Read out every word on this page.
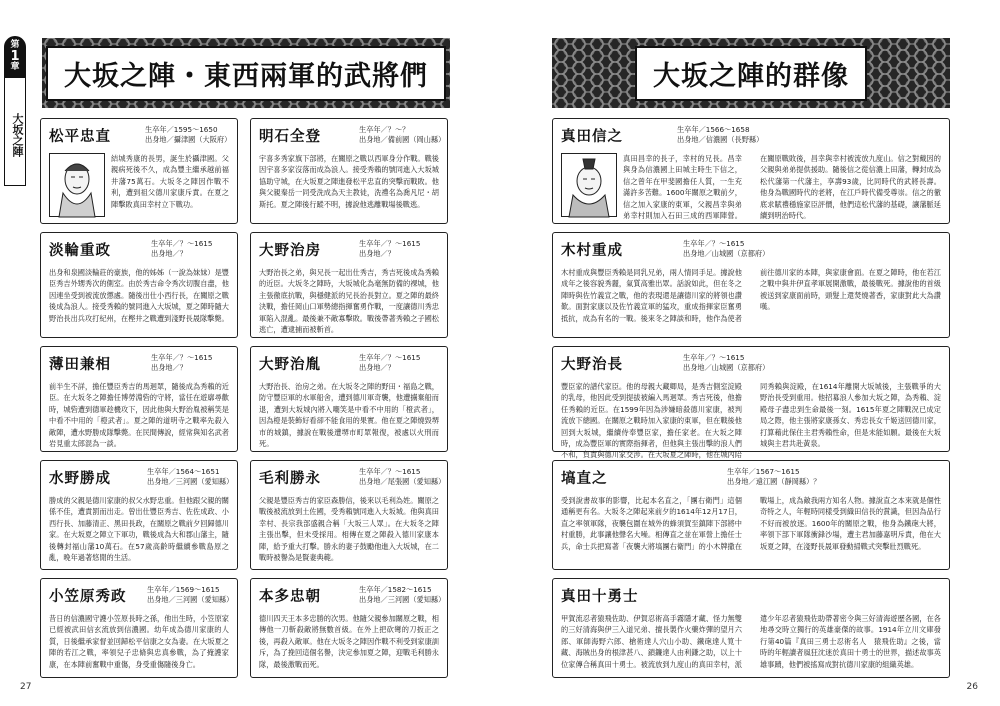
第
1
章
大坂之陣
大坂之陣・東西兩軍的武將們
松平忠直	生卒年／1595～1650
出身地／攝津國（大阪府）
結城秀康的長男，誕生於攝津國。父親病死後不久，成為豐主繼承越前福井藩75萬石。大坂冬之陣因作戰不利，遭到祖父德川家康斥責。在夏之陣擊敗真田幸村立下戰功。
明石全登	生卒年／？～？
出身地／備前國（岡山縣）
宇喜多秀家旗下部將，在關原之戰以西軍身分作戰。戰後因宇喜多家沒落而成為浪人。接受秀賴的號同進入大坂城協助守城，在大坂夏之陣進發松平忠直的突擊而戰敗。他與父親秦岳一同受洗成為天主教徒，洗禮名為喬凡尼・胡斯托。夏之陣後行蹤不明，據說他逃離戰場後戰逃。
淡輪重政	生卒年／？～1615
出身地／？
出身和泉國淡輪莊的豪族，他的姊姊（一說為妹妹）是豐臣秀吉外甥秀次的側室。由於秀吉命令秀次切腹自盡，他因連坐受到被流放懲處。隨後出仕小西行長，在關原之戰後成為浪人。接受秀賴的號同進入大坂城，夏之陣時隨大野治長出兵攻打紀州，在樫井之戰遭到淺野長晟隊擊斃。
大野治房	生卒年／？～1615
出身地／？
大野治長之弟，與兄長一起出仕秀吉，秀吉死後成為秀賴的近臣。大坂冬之陣時，大坂城化為毫無防備的裸城，他主張徹底抗戰，與穩健派的兄長治長對立。夏之陣的最終決戰，擔任岡山口軍勢總指揮奮勇作戰，一度讓德川秀忠軍陷入混亂。最後兼不敵寡擊敗。戰後帶著秀賴之子國松逃亡，遭逮捕而被斬首。
薄田兼相	生卒年／？～1615
出身地／？
前半生不詳，擔任豐臣秀吉的馬迴眾，隨後成為秀賴的近臣。在大坂冬之陣擔任博勞淵砦的守將，當任在遊廓尋歡時，城砦遭到德軍趁機攻下，因此他與大野治胤被稱笑是中看不中用的「橙武者」。夏之陣的道明寺之戰率先殺入敵陣，遭水野勝成隊擊斃。在民間傳說，經常與知名武者岩見重太郎混為一談。
大野治胤	生卒年／？～1615
出身地／？
大野治長、治房之弟。在大坂冬之陣的野田・福島之戰，防守豐臣軍的水軍船舍，遭到德川軍奇襲，他遭擄棄船而退，遭到大坂城內將入嘲笑是中看不中用的「橙武者」，因為橙是裝飾好看卻不能食用的果實。他在夏之陣燒毀堺市的城鎮，據說在戰後遭堺市町眾報復，被處以火刑而死。
水野勝成	生卒年／1564～1651
出身地／三河國（愛知縣）
勝成的父親是德川家康的叔父水野忠重。但他跟父親的關係不佳，遭責罰而出走。曾出仕豐臣秀吉、佐佐成政、小西行長、加藤清正、黑田長政，在關原之戰前夕回歸德川家。在大坂夏之陣立下軍功，戰後成為大和郡山藩主，隨後轉封福山藩10萬石。在57歲高齡時繼續參戰島原之亂，晚年過著悠閒的生活。
毛利勝永	生卒年／？～1615
出身地／尾張國（愛知縣）
父親是豐臣秀吉的家臣森勝信，後來以毛利為姓。關原之戰後被流放到土佐國，受秀賴號同進入大坂城。他與真田幸村、長宗我部盛親合稱「大坂三人眾」。在大坂冬之陣主張出擊，但未受採用。相傳在夏之陣殺入德川家康本陣，給予重大打擊。勝永的妻子鼓勵他進入大坂城，在二戰時被譽為是賢妻典範。
小笠原秀政	生卒年／1569～1615
出身地／三河國（愛知縣）
昔日的信濃國守護小笠原長時之孫，他出生時，小笠原家已經被武田信玄流放到信濃國。幼年成為德川家康的人質，日後繼承家督並回歸松平信康之女為妻。在大坂夏之陣的若江之戰，率領兒子忠脩與忠真參戰，為了掩護家康，在本陣前奮戰中重傷，身受重傷隨後身亡。
本多忠朝	生卒年／1582～1615
出身地／三河國（愛知縣）
德川四天王本多忠勝的次男。他隨父親參加關原之戰，相傳他一刀斬殺敵將無數首級。在外上把砍彎的刀扳正之後，再殺入敵軍。他在大坂冬之陣因作戰不利受到家康訓斥，為了挽回這個名譽，決定參加夏之陣，迎戰毛利勝永隊，最後激戰而死。
27
大坂之陣的群像
真田信之	生卒年／1566～1658
出身地／信濃國（長野縣）
真田昌幸的長子，幸村的兄長。昌幸與身為信濃國上田城主時生下信之，信之曾年在甲斐國擔任人質，一生充滿許多苦難。1600年關原之戰前夕，信之加入家康的東軍，父親昌幸與弟弟幸村則加入石田三成的西軍陣營。在關原戰敗後，昌幸與幸村被流放九度山。信之對戴因的父親與弟弟提供援助。隨後信之從信濃上田藩，轉封成為松代藩第一代藩主，享壽93歲，比同時代的武將長壽。他身為戰國時代的老將，在江戶時代備受尊崇。信之的徹底求賦禮穩施家臣評價，他們這松代藩的基礎，讓藩脈延續到明治時代。
木村重成	生卒年／？～1615
出身地／山城國（京都府）
木村重成與豐臣秀賴是同乳兄弟，兩人情同手足。據說他成年之後容貌秀麗，氣質高雅出眾。話說如此，但在冬之陣時與佐竹義宣之戰，他的表現還是讓德川家的將領也讚歎。面對家康以及佐竹義宣軍的猛攻，重成指揮家臣奮勇抵抗，成為有名的一戰。後來冬之陣談和時，他作為使者前往德川家的本陣，與家康會面。在夏之陣時，他在若江之戰中與井伊直孝軍展開激戰，最後戰死。據說他的首級被送到家康面前時，頭髮上還焚燒著香，家康對此大為讚嘆。
大野治長	生卒年／？～1615
出身地／山城國（京都府）
豐臣家的譜代家臣。他的母親大藏卿局，是秀吉側室淀殿的乳母，他因此受到提拔被編入馬迴眾。秀吉死後，他擔任秀賴的近臣。在1599年因為涉嫌暗殺德川家康，被判流放下總國。在關原之戰時加入家康的東軍，但在戰後他回到大坂城，繼續侍奉豐臣家，擔任家老。在大坂之陣時，成為豐臣軍的實際指揮者，但他與主張出擊的浪人們不和，負責與德川家交涉。在大坂夏之陣時，他在城內陪同秀賴與淀殿，在1614年離開大坂城後，主張戰爭的大野治長受到重用。他招募浪人參加大坂之陣，為秀賴、淀殿母子盡忠到生命最後一刻。1615年夏之陣戰況已成定局之際，他主張將家康孫女、秀忠長女千姬送回德川家，打算藉此保住主君秀賴性命，但是未能如願。最後在大坂城與主君共赴黃泉。
塙直之	生卒年／1567～1615
出身地／遠江國（靜岡縣）？
受到說書故事的影響，比起本名直之，「團右衛門」這個通稱更有名。大坂冬之陣起來前夕的1614年12月17日，直之率領軍隊，夜襲包圍在城外的蜂須賀至鎮陣下部將中村重勝，此事讓他聲名大噪。相傳直之並在軍營上擔任士兵，命士兵把寫著「夜襲大將塙團右衛門」的小木牌撒在戰場上，成為敵我兩方知名人物。據說直之本來就是個性奇特之人，年輕時同樣受到織田信長的賞識，但因為品行不好而被放逐。1600年的關原之戰，他身為鐵砲大將，率領下部下軍隊衝鋒沙場，遭主君加藤嘉明斥責，他在大坂夏之陣，在淺野長晟軍發動掃戰式突擊壯烈戰死。
真田十勇士
甲賀流忍者猿飛佐助、伊賀忍術高手霧隱才藏、怪力無雙的三好清海與伊三入道兄弟、擅長製作火藥炸彈的望月六郎、軍師海野六郎、槍術達人穴山小助、鐵砲達人筧十藏、海賊出身的根津甚八、鎖鐮達人由利鎌之助，以上十位家傳合稱真田十勇士。被流放到九度山的真田幸村，派遣少年忍者猿飛佐助帶著密令與三好清海遊歷各國，在各地尋交時立獨行的英雄豪傑的故事。1914年立川文庫發行第40篇『真田三勇士忍術名人　猿飛佐助』之後，當時的年輕讀者風狂沈迷於真田十勇士的世界，描述故事英雄事蹟，他們被搖寫成對抗德川家康的組織英雄。
26
